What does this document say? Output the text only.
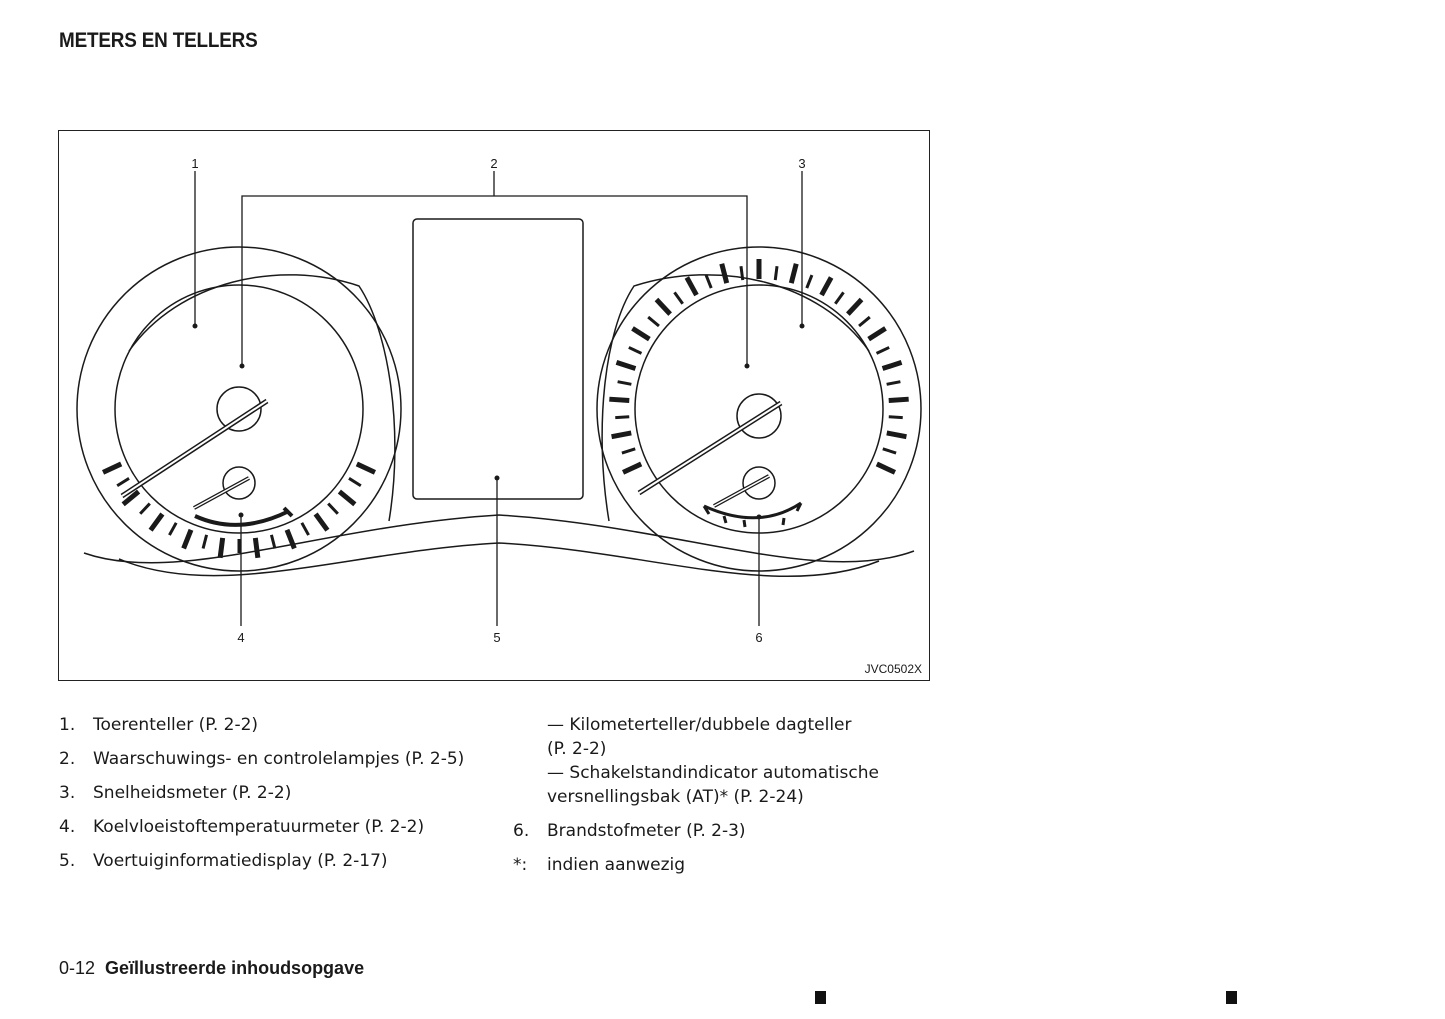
METERS EN TELLERS
1	2	3
4	5	6
JVC0502X
1. Toerenteller (P. 2-2)
2. Waarschuwings- en controlelampjes (P. 2-5)
3. Snelheidsmeter (P. 2-2)
4. Koelvloeistoftemperatuurmeter (P. 2-2)
5. Voertuiginformatiedisplay (P. 2-17)
— Kilometerteller/dubbele dagteller
(P. 2-2)
— Schakelstandindicator automatische
versnellingsbak (AT)* (P. 2-24)
6. Brandstofmeter (P. 2-3)
*: indien aanwezig
0-12 Geïllustreerde inhoudsopgave
